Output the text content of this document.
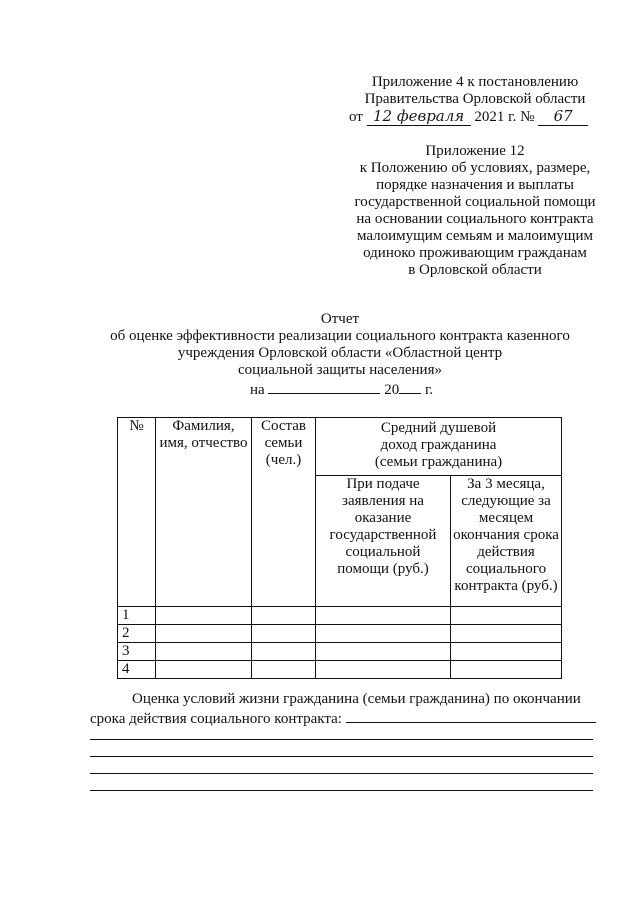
Приложение 4 к постановлению
Правительства Орловской области
от 12 февраля 2021 г. № 67
Приложение 12
к Положению об условиях, размере,
порядке назначения и выплаты
государственной социальной помощи
на основании социального контракта
малоимущим семьям и малоимущим
одиноко проживающим гражданам
в Орловской области
Отчет
об оценке эффективности реализации социального контракта казенного
учреждения Орловской области «Областной центр
социальной защиты населения»
на	20 г.
№	Фамилия, имя, отчество	Состав семьи (чел.)	Средний душевой доход гражданина (семьи гражданина)	
			При подаче заявления на оказание государственной социальной помощи (руб.)	За 3 месяца, следующие за месяцем окончания срока действия социального контракта (руб.)
1				
2				
3				
4				
Оценка условий жизни гражданина (семьи гражданина) по окончании
срока действия социального контракта:
